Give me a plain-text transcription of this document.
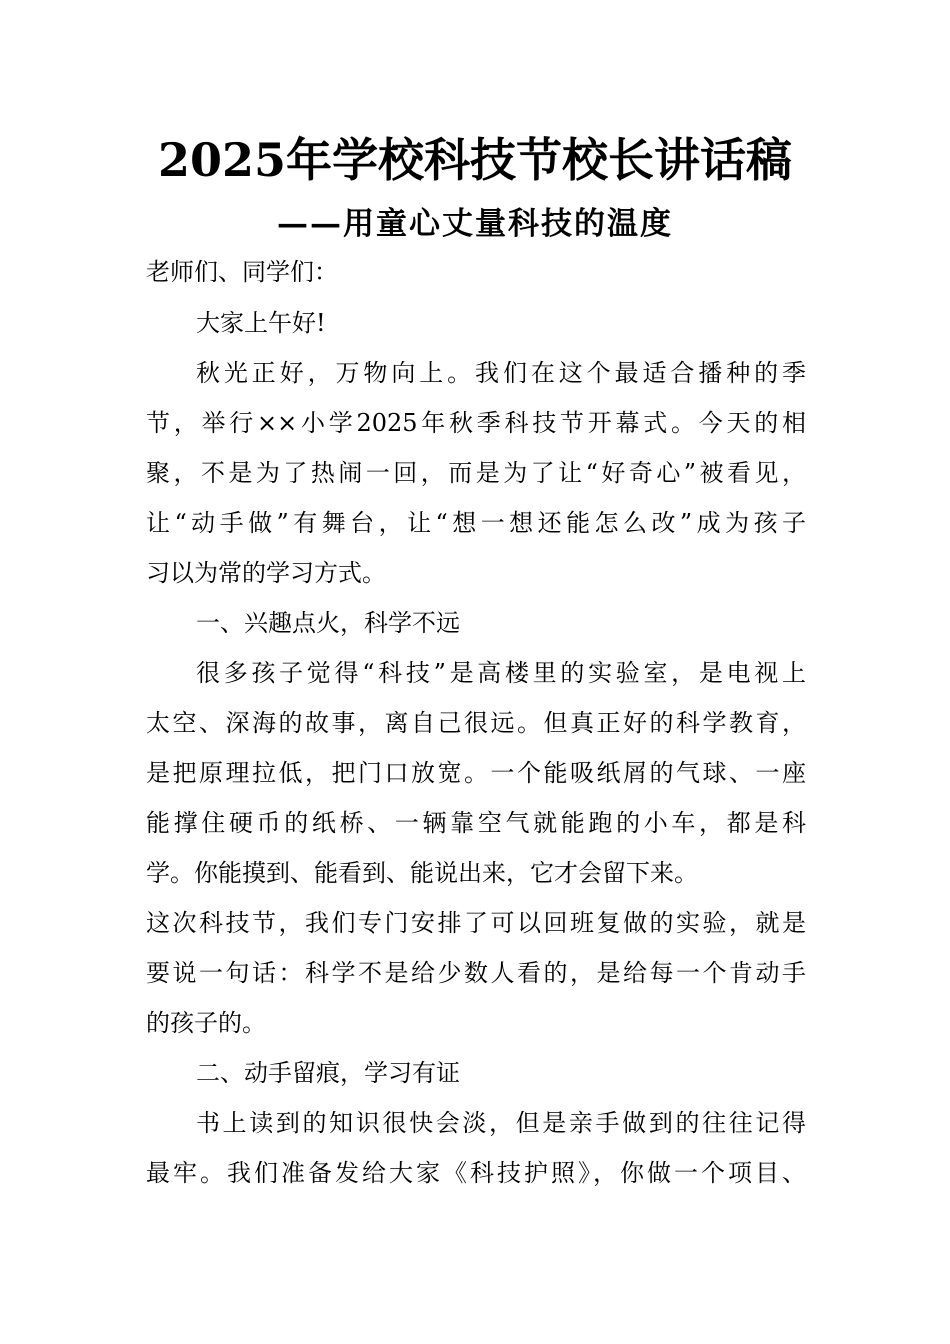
2025年学校科技节校长讲话稿
——用童心丈量科技的温度
老师们、同学们：
大家上午好!
秋光正好，万物向上。我们在这个最适合播种的季
节，举行××小学2025年秋季科技节开幕式。今天的相
聚，不是为了热闹一回，而是为了让“好奇心”被看见，
让“动手做”有舞台，让“想一想还能怎么改”成为孩子
习以为常的学习方式。
一、兴趣点火，科学不远
很多孩子觉得“科技”是高楼里的实验室，是电视上
太空、深海的故事，离自己很远。但真正好的科学教育，
是把原理拉低，把门口放宽。一个能吸纸屑的气球、一座
能撑住硬币的纸桥、一辆靠空气就能跑的小车，都是科
学。你能摸到、能看到、能说出来，它才会留下来。
这次科技节，我们专门安排了可以回班复做的实验，就是
要说一句话：科学不是给少数人看的，是给每一个肯动手
的孩子的。
二、动手留痕，学习有证
书上读到的知识很快会淡，但是亲手做到的往往记得
最牢。我们准备发给大家《科技护照》，你做一个项目、
